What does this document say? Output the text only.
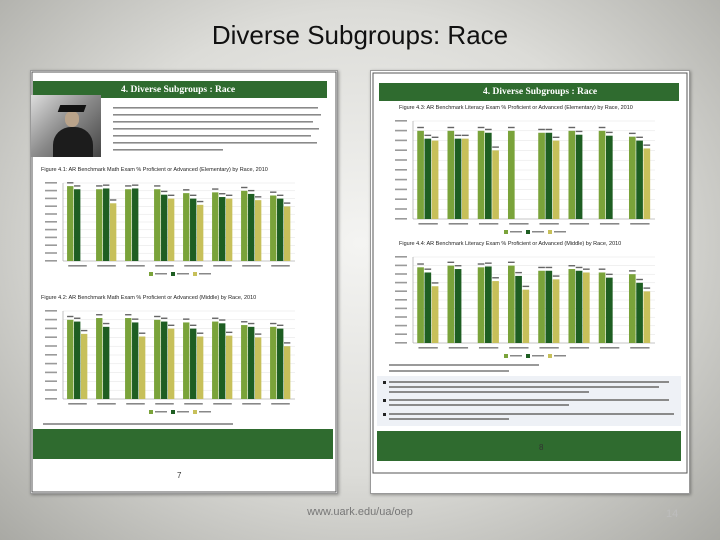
Diverse Subgroups: Race
4. Diverse Subgroups : Race
Figure 4.1: AR Benchmark Math Exam % Proficient or Advanced (Elementary) by Race, 2010
Figure 4.2: AR Benchmark Math Exam % Proficient or Advanced (Middle) by Race, 2010
7
4. Diverse Subgroups : Race
Figure 4.3: AR Benchmark Literacy Exam % Proficient or Advanced (Elementary) by Race, 2010
Figure 4.4: AR Benchmark Literacy Exam % Proficient or Advanced (Middle) by Race, 2010
8
www.uark.edu/ua/oep	14
